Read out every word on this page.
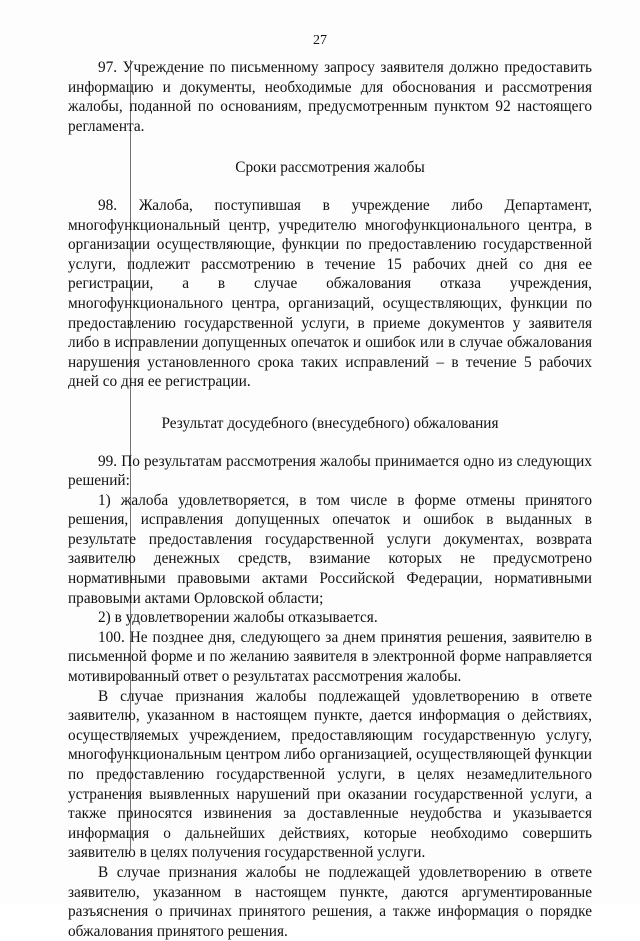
27

97. Учреждение по письменному запросу заявителя должно предоставить информацию и документы, необходимые для обоснования и рассмотрения жалобы, поданной по основаниям, предусмотренным пунктом 92 настоящего регламента.

Сроки рассмотрения жалобы

98. Жалоба, поступившая в учреждение либо Департамент, многофункциональный центр, учредителю многофункционального центра, в организации осуществляющие, функции по предоставлению государственной услуги, подлежит рассмотрению в течение 15 рабочих дней со дня ее регистрации, а в случае обжалования отказа учреждения, многофункционального центра, организаций, осуществляющих, функции по предоставлению государственной услуги, в приеме документов у заявителя либо в исправлении допущенных опечаток и ошибок или в случае обжалования нарушения установленного срока таких исправлений – в течение 5 рабочих дней со дня ее регистрации.

Результат досудебного (внесудебного) обжалования

99. По результатам рассмотрения жалобы принимается одно из следующих решений:

1) жалоба удовлетворяется, в том числе в форме отмены принятого решения, исправления допущенных опечаток и ошибок в выданных в результате предоставления государственной услуги документах, возврата заявителю денежных средств, взимание которых не предусмотрено нормативными правовыми актами Российской Федерации, нормативными правовыми актами Орловской области;

2) в удовлетворении жалобы отказывается.

100. Не позднее дня, следующего за днем принятия решения, заявителю в письменной форме и по желанию заявителя в электронной форме направляется мотивированный ответ о результатах рассмотрения жалобы.

В случае признания жалобы подлежащей удовлетворению в ответе заявителю, указанном в настоящем пункте, дается информация о действиях, осуществляемых учреждением, предоставляющим государственную услугу, многофункциональным центром либо организацией, осуществляющей функции по предоставлению государственной услуги, в целях незамедлительного устранения выявленных нарушений при оказании государственной услуги, а также приносятся извинения за доставленные неудобства и указывается информация о дальнейших действиях, которые необходимо совершить заявителю в целях получения государственной услуги.

В случае признания жалобы не подлежащей удовлетворению в ответе заявителю, указанном в настоящем пункте, даются аргументированные разъяснения о причинах принятого решения, а также информация о порядке обжалования принятого решения.
